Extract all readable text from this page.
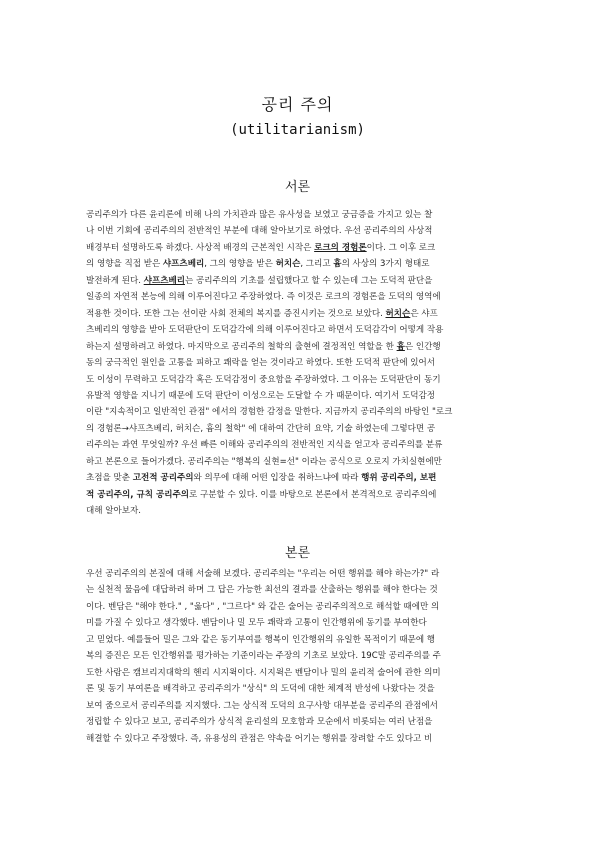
공리 주의
(utilitarianism)
서론
공리주의가 다른 윤리론에 비해 나의 가치관과 많은 유사성을 보였고 궁금증을 가지고 있는 찰
나 이번 기회에 공리주의의 전반적인 부분에 대해 알아보기로 하였다. 우선 공리주의의 사상적
배경부터 설명하도록 하겠다. 사상적 배경의 근본적인 시작은 로크의 경험론이다. 그 이후 로크
의 영향을 직접 받은 샤프츠베리, 그의 영향을 받은 허치슨, 그리고 흄의 사상의 3가지 형태로
발전하게 된다. 샤프츠베리는 공리주의의 기초를 설립했다고 할 수 있는데 그는 도덕적 판단을
일종의 자연적 본능에 의해 이루어진다고 주장하였다. 즉 이것은 로크의 경험론을 도덕의 영역에
적용한 것이다. 또한 그는 선이란 사회 전체의 복지를 증진시키는 것으로 보았다. 허치슨은 샤프
츠베리의 영향을 받아 도덕판단이 도덕감각에 의해 이루어진다고 하면서 도덕감각이 어떻게 작용
하는지 설명하려고 하였다. 마지막으로 공리주의 철학의 출현에 결정적인 역할을 한 흄은 인간행
동의 궁극적인 원인을 고통을 피하고 쾌락을 얻는 것이라고 하였다. 또한 도덕적 판단에 있어서
도 이성이 무력하고 도덕감각 혹은 도덕감정이 중요함을 주장하였다. 그 이유는 도덕판단이 동기
유발적 영향을 지니기 때문에 도덕 판단이 이성으로는 도달할 수 가 때문이다. 여기서 도덕감정
이란 "지속적이고 일반적인 관점" 에서의 경험한 감정을 말한다. 지금까지 공리주의의 바탕인 "로크
의 경험론→샤프츠베리, 허치슨, 흄의 철학" 에 대하여 간단히 요약, 기술 하였는데 그렇다면 공
리주의는 과연 무엇일까? 우선 빠른 이해와 공리주의의 전반적인 지식을 얻고자 공리주의를 분류
하고 본론으로 들어가겠다. 공리주의는 "행복의 실현=선" 이라는 공식으로 오로지 가치실현에만
초점을 맞춘 고전적 공리주의와 의무에 대해 어떤 입장을 취하느냐에 따라 행위 공리주의, 보편
적 공리주의, 규칙 공리주의로 구분할 수 있다. 이를 바탕으로 본론에서 본격적으로 공리주의에
대해 알아보자.
본론
우선 공리주의의 본질에 대해 서술해 보겠다. 공리주의는 "우리는 어떤 행위를 해야 하는가?" 라
는 실천적 물음에 대답하려 하며 그 답은 가능한 최선의 결과를 산출하는 행위를 해야 한다는 것
이다. 벤담은 "해야 한다." , "옳다" , "그르다" 와 같은 술어는 공리주의적으로 해석할 때에만 의
미를 가질 수 있다고 생각했다. 벤담이나 밀 모두 쾌락과 고통이 인간행위에 동기를 부여한다
고 믿었다. 예를들어 밀은 그와 같은 동기부여를 행복이 인간행위의 유일한 목적이기 때문에 행
복의 증진은 모든 인간행위를 평가하는 기준이라는 주장의 기초로 보았다. 19C말 공리주의를 주
도한 사람은 캠브리지대학의 헨리 시지윅이다. 시지윅은 벤담이나 밀의 윤리적 술어에 관한 의미
론 및 동기 부여론을 배격하고 공리주의가 "상식" 의 도덕에 대한 체계적 반성에 나왔다는 것을
보여 줌으로서 공리주의를 지지했다. 그는 상식적 도덕의 요구사항 대부분을 공리주의 관점에서
정립할 수 있다고 보고, 공리주의가 상식적 윤리설의 모호함과 모순에서 비롯되는 여러 난점을
해결할 수 있다고 주장했다. 즉, 유용성의 관점은 약속을 어기는 행위를 장려할 수도 있다고 비
